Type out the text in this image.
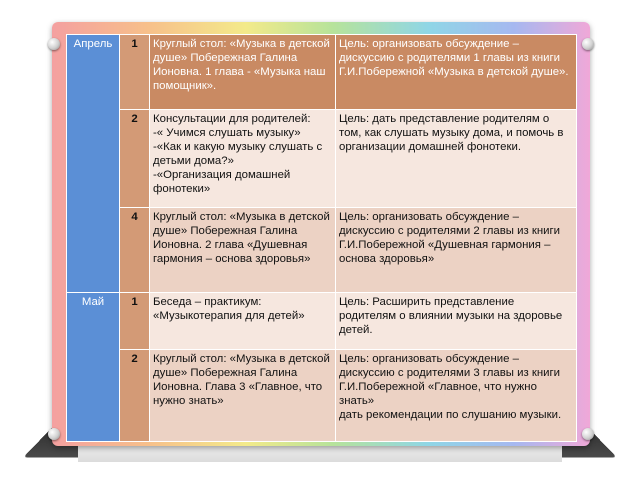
Апрель	1	Круглый стол: «Музыка в детской душе» Побережная Галина Ионовна. 1 глава - «Музыка наш помощник».	Цель: организовать обсуждение – дискуссию с родителями 1 главы из книги Г.И.Побережной «Музыка в детской душе».
	2	Консультации для родителей:
-« Учимся слушать музыку»
-«Как и какую музыку слушать с детьми дома?»
-«Организация домашней фонотеки»	Цель: дать представление родителям о том, как слушать музыку дома, и помочь в организации домашней фонотеки.
	4	Круглый стол: «Музыка в детской душе» Побережная Галина Ионовна. 2 глава «Душевная гармония – основа здоровья»	Цель: организовать обсуждение – дискуссию с родителями 2 главы из книги Г.И.Побережной «Душевная гармония – основа здоровья»
Май	1	Беседа – практикум: «Музыкотерапия для детей»	Цель: Расширить представление родителям о влиянии музыки на здоровье детей.
	2	Круглый стол: «Музыка в детской душе» Побережная Галина Ионовна. Глава 3 «Главное, что нужно знать»	Цель: организовать обсуждение – дискуссию с родителями 3 главы из книги Г.И.Побережной «Главное, что нужно знать»
дать рекомендации по слушанию музыки.
